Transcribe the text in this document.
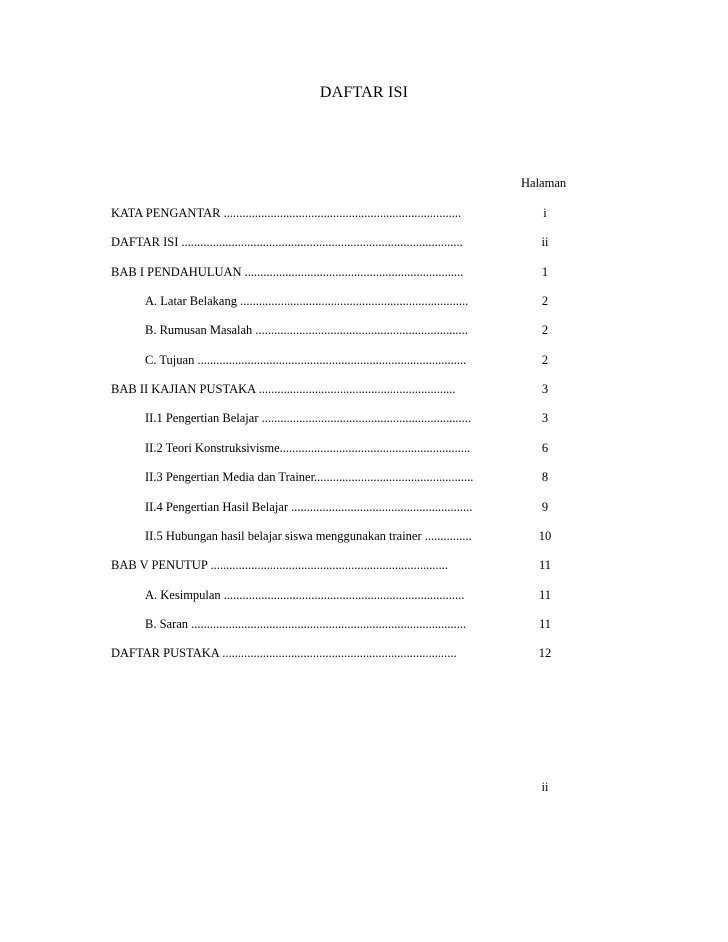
DAFTAR ISI
Halaman
KATA PENGANTAR ............................................................................	i
DAFTAR ISI ..........................................................................................	ii
BAB I PENDAHULUAN ......................................................................	1
A. Latar Belakang .........................................................................	2
B. Rumusan Masalah ....................................................................	2
C. Tujuan ......................................................................................	2
BAB II KAJIAN PUSTAKA ...............................................................	3
II.1 Pengertian Belajar ...................................................................	3
II.2 Teori Konstruksivisme.............................................................	6
II.3 Pengertian Media dan Trainer...................................................	8
II.4 Pengertian Hasil Belajar ..........................................................	9
II.5 Hubungan hasil belajar siswa menggunakan trainer ...............	10
BAB V PENUTUP ............................................................................	11
A. Kesimpulan .............................................................................	11
B. Saran ........................................................................................	11
DAFTAR PUSTAKA ...........................................................................	12
ii
